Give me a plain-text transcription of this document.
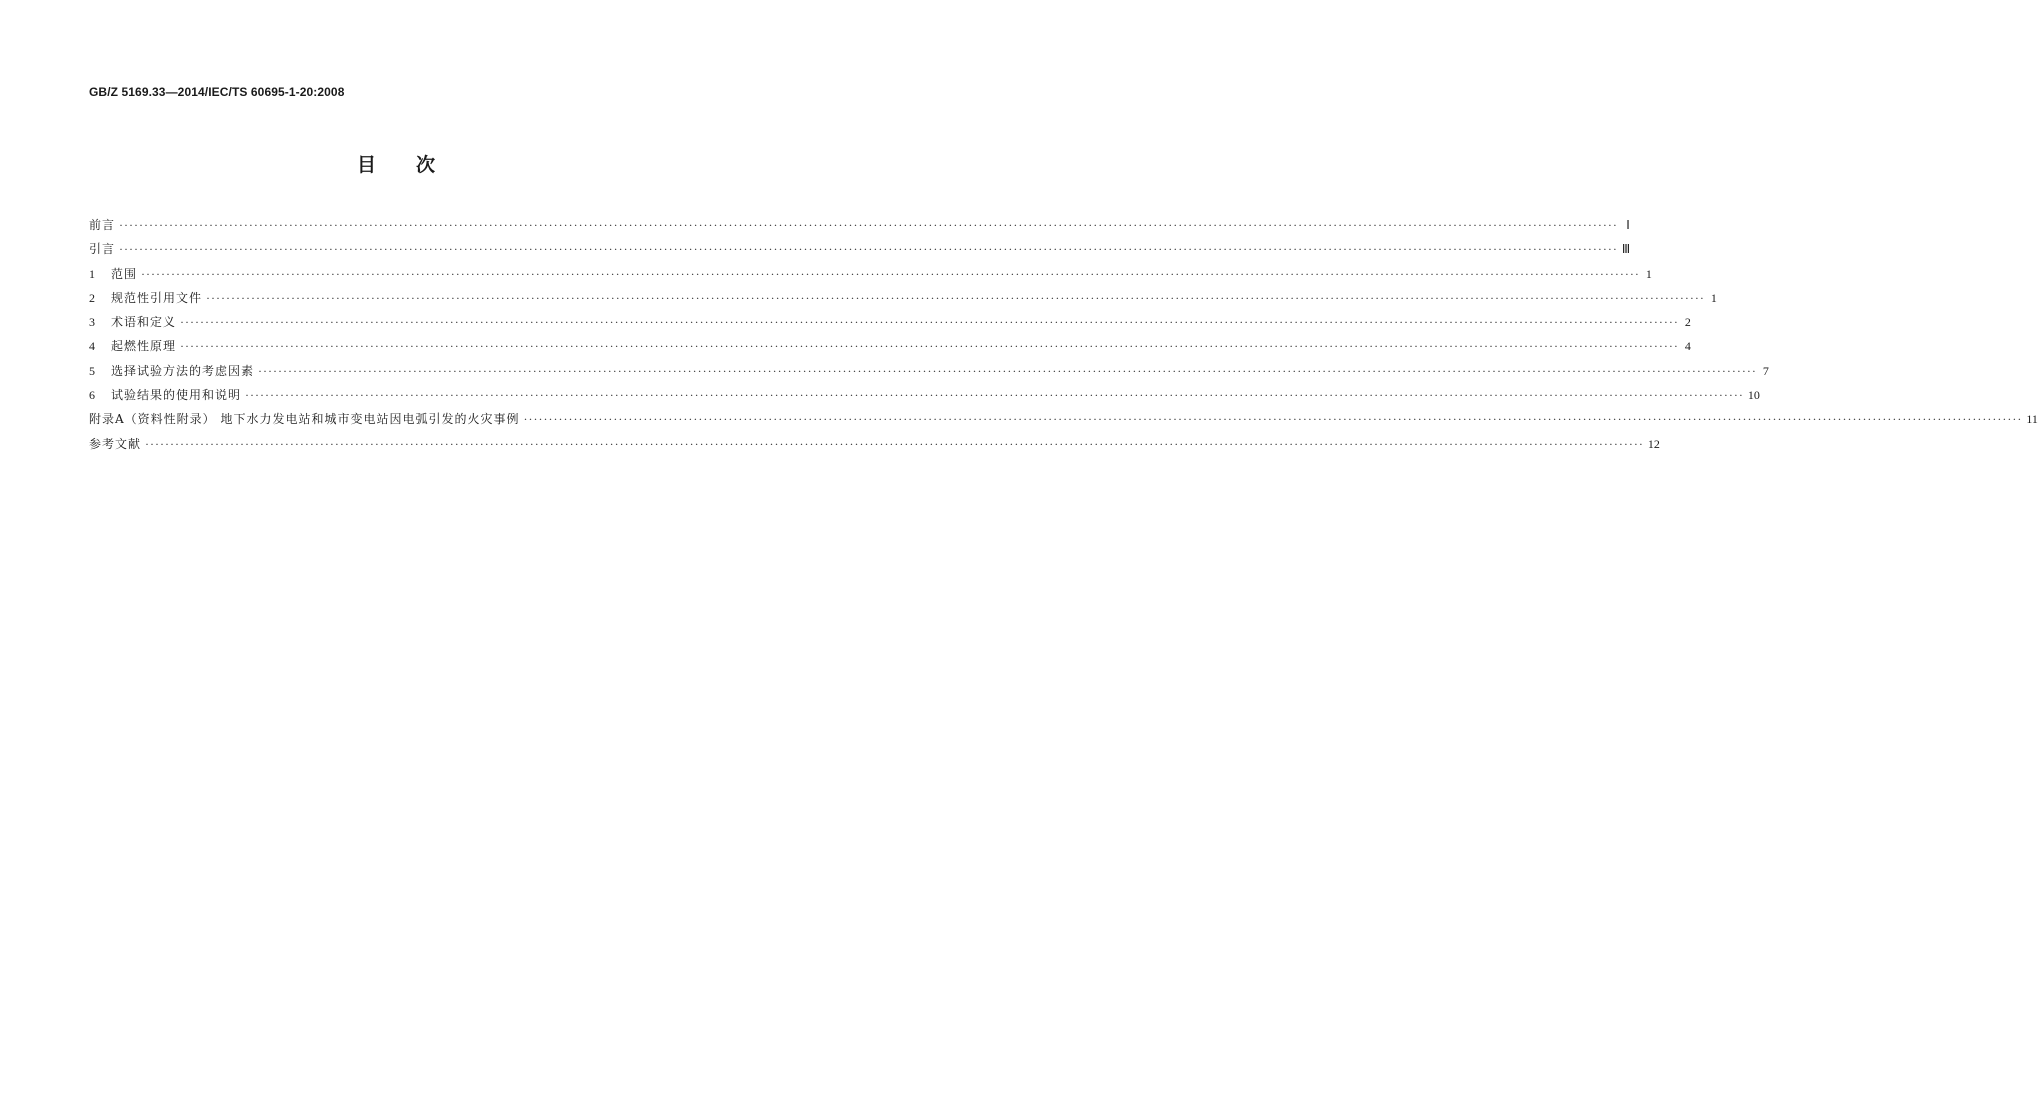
GB/Z 5169.33—2014/IEC/TS 60695-1-20:2008
目次
前言 ············································································································································································································································································································ Ⅰ
引言 ············································································································································································································································································································ Ⅲ
1	范围 ············································································································································································································································································································ 1
2	规范性引用文件 ············································································································································································································································································································ 1
3	术语和定义 ············································································································································································································································································································ 2
4	起燃性原理 ············································································································································································································································································································ 4
5	选择试验方法的考虑因素 ············································································································································································································································································································ 7
6	试验结果的使用和说明 ············································································································································································································································································································ 10
附录A（资料性附录） 地下水力发电站和城市变电站因电弧引发的火灾事例 ············································································································································································································································································································ 11
参考文献 ············································································································································································································································································································ 12
